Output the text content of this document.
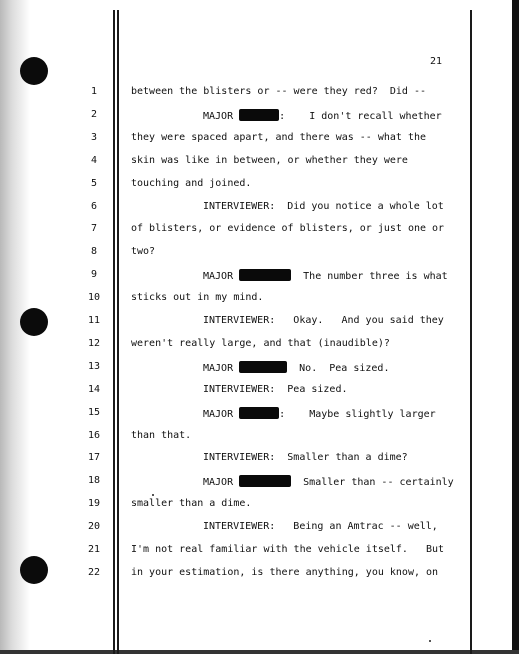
21
1	between the blisters or -- were they red?  Did --
2	MAJOR	:    I don't recall whether
3	they were spaced apart, and there was -- what the
4	skin was like in between, or whether they were
5	touching and joined.
6	INTERVIEWER:  Did you notice a whole lot
7	of blisters, or evidence of blisters, or just one or
8	two?
9	MAJOR	The number three is what
10	sticks out in my mind.
11	INTERVIEWER:   Okay.   And you said they
12	weren't really large, and that (inaudible)?
13	MAJOR	No.  Pea sized.
14	INTERVIEWER:  Pea sized.
15	MAJOR	:    Maybe slightly larger
16	than that.
17	INTERVIEWER:  Smaller than a dime?
18	MAJOR	Smaller than -- certainly
19	smaller than a dime.
20	INTERVIEWER:   Being an Amtrac -- well,
21	I'm not real familiar with the vehicle itself.   But
22	in your estimation, is there anything, you know, on
